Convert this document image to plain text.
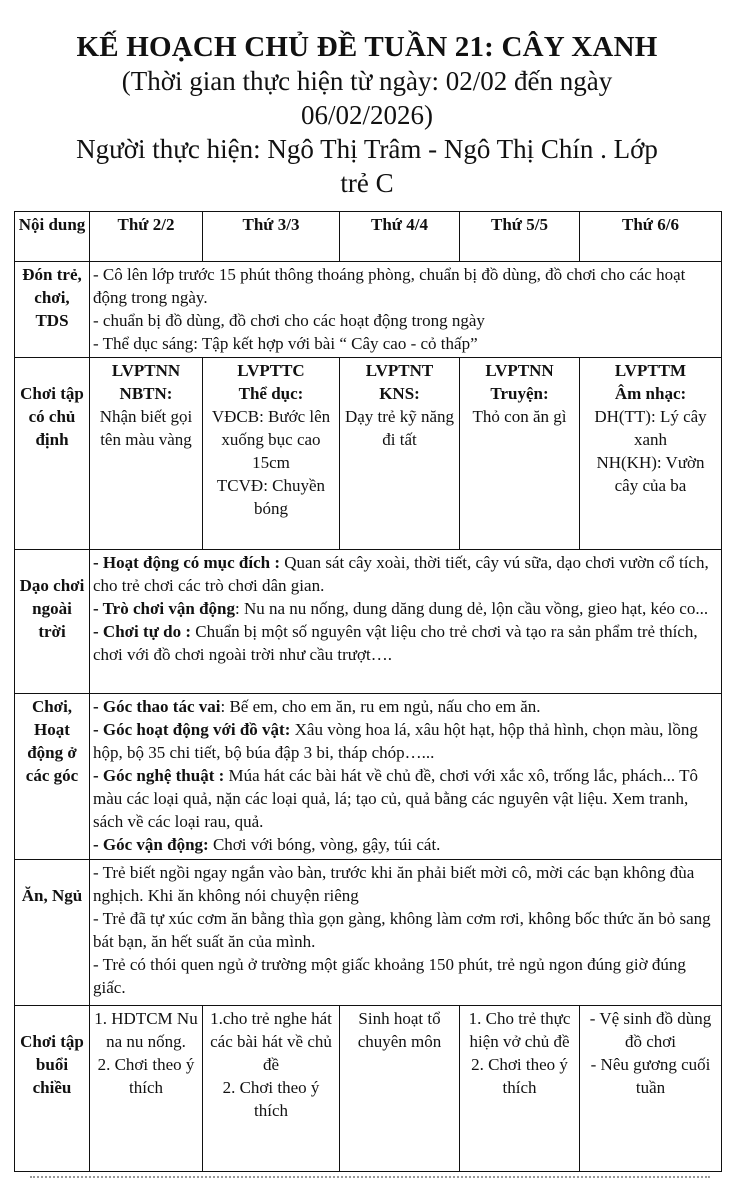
KẾ HOẠCH CHỦ ĐỀ TUẦN 21: CÂY XANH
(Thời gian thực hiện từ ngày: 02/02 đến ngày
06/02/2026)
Người thực hiện: Ngô Thị Trâm - Ngô Thị Chín . Lớp
trẻ C
Nội dung	Thứ 2/2	Thứ 3/3	Thứ 4/4	Thứ 5/5	Thứ 6/6
Đón trẻ, chơi, TDS	- Cô lên lớp trước 15 phút thông thoáng phòng, chuẩn bị đồ dùng, đồ chơi cho các hoạt động trong ngày.
- chuẩn bị đồ dùng, đồ chơi cho các hoạt động trong ngày
- Thể dục sáng: Tập kết hợp với bài “ Cây cao - cỏ thấp”				

Chơi tập có chủ định	LVPTNN
NBTN:
Nhận biết gọi tên màu vàng	LVPTTC
Thể dục:
VĐCB: Bước lên xuống bục cao 15cm
TCVĐ: Chuyền bóng	LVPTNT
KNS:
Dạy trẻ kỹ năng đi tất	LVPTNN
Truyện:
Thỏ con ăn gì	LVPTTM
Âm nhạc:
DH(TT): Lý cây xanh
NH(KH): Vườn cây của ba

Dạo chơi ngoài trời	- Hoạt động có mục đích : Quan sát cây xoài, thời tiết, cây vú sữa, dạo chơi vườn cổ tích, cho trẻ chơi các trò chơi dân gian.
- Trò chơi vận động: Nu na nu nống, dung dăng dung dẻ, lộn cầu vồng, gieo hạt, kéo co...
- Chơi tự do : Chuẩn bị một số nguyên vật liệu cho trẻ chơi và tạo ra sản phẩm trẻ thích, chơi với đồ chơi ngoài trời như cầu trượt….				

Chơi, Hoạt động ở các góc	- Góc thao tác vai: Bế em, cho em ăn, ru em ngủ, nấu cho em ăn.
- Góc hoạt động với đồ vật: Xâu vòng hoa lá, xâu hột hạt, hộp thả hình, chọn màu, lồng hộp, bộ 35 chi tiết, bộ búa đập 3 bi, tháp chóp…...
- Góc nghệ thuật : Múa hát các bài hát về chủ đề, chơi với xắc xô, trống lắc, phách... Tô màu các loại quả, nặn các loại quả, lá; tạo củ, quả bằng các nguyên vật liệu. Xem tranh, sách về các loại rau, quả.
- Góc vận động: Chơi với bóng, vòng, gậy, túi cát.				

Ăn, Ngủ	- Trẻ biết ngồi ngay ngắn vào bàn, trước khi ăn phải biết mời cô, mời các bạn không đùa nghịch. Khi ăn không nói chuyện riêng
- Trẻ đã tự xúc cơm ăn bằng thìa gọn gàng, không làm cơm rơi, không bốc thức ăn bỏ sang bát bạn, ăn hết suất ăn của mình.
- Trẻ có thói quen ngủ ở trường một giấc khoảng 150 phút, trẻ ngủ ngon đúng giờ đúng giấc.				

Chơi tập buổi chiều	1. HDTCM Nu na nu nống.
2. Chơi theo ý thích	1.cho trẻ nghe hát các bài hát về chủ đề
2. Chơi theo ý thích	Sinh hoạt tổ chuyên môn	1. Cho trẻ thực hiện vở chủ đề
2. Chơi theo ý thích	- Vệ sinh đồ dùng đồ chơi
- Nêu gương cuối tuần
